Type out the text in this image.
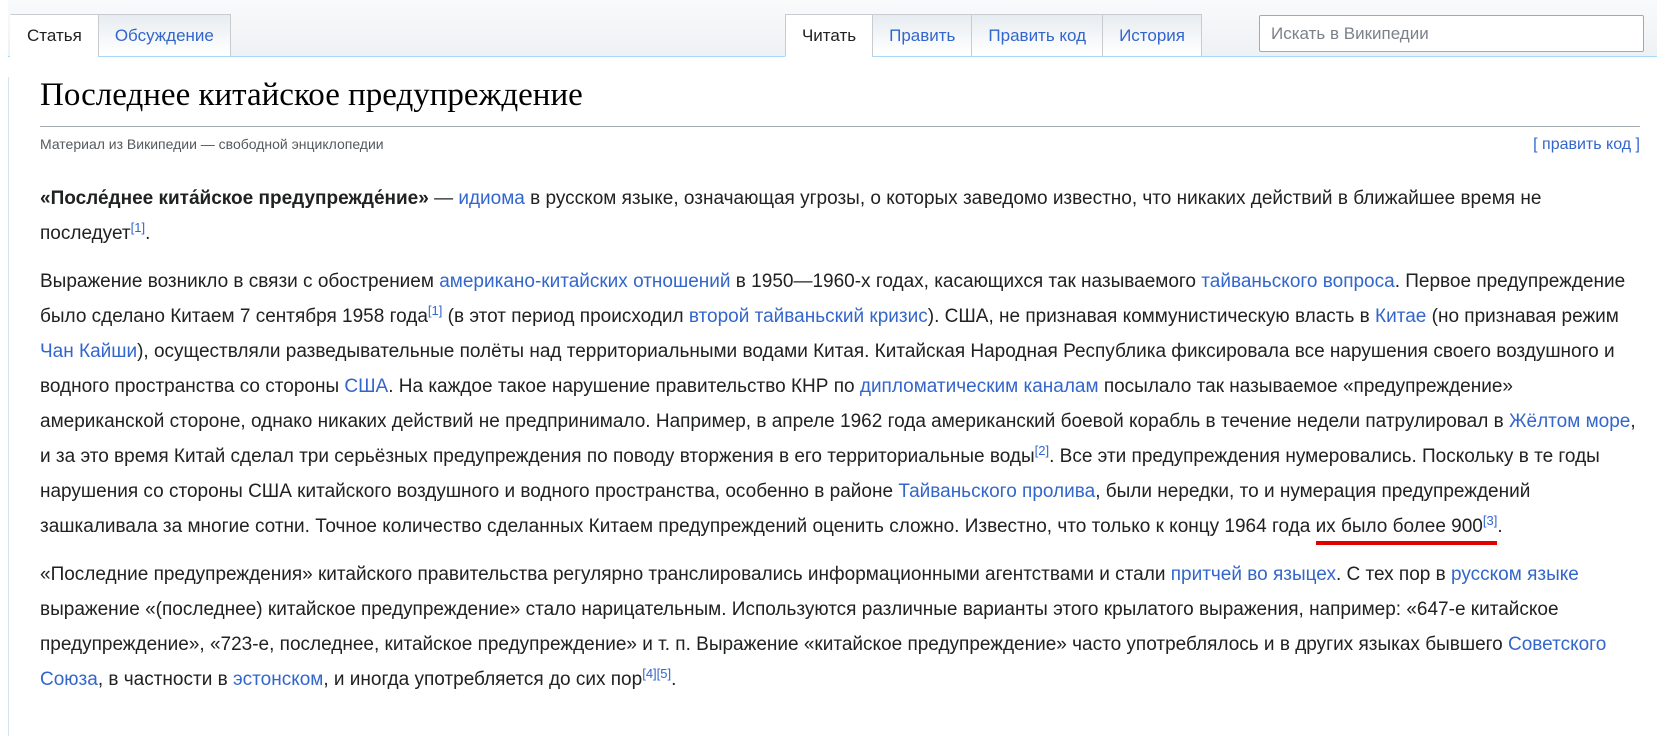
Статья Обсуждение	Читать Править Править код История
Искать в Википедии
Последнее китайское предупреждение
Материал из Википедии — свободной энциклопедии	[ править код ]

«После́днее кита́йское предупрежде́ние» — идиома в русском языке, означающая угрозы, о которых заведомо известно, что никаких действий в ближайшее время не последует[1].

Выражение возникло в связи с обострением американо-китайских отношений в 1950—1960-х годах, касающихся так называемого тайваньского вопроса. Первое предупреждение было сделано Китаем 7 сентября 1958 года[1] (в этот период происходил второй тайваньский кризис). США, не признавая коммунистическую власть в Китае (но признавая режим Чан Кайши), осуществляли разведывательные полёты над территориальными водами Китая. Китайская Народная Республика фиксировала все нарушения своего воздушного и водного пространства со стороны США. На каждое такое нарушение правительство КНР по дипломатическим каналам посылало так называемое «предупреждение» американской стороне, однако никаких действий не предпринимало. Например, в апреле 1962 года американский боевой корабль в течение недели патрулировал в Жёлтом море, и за это время Китай сделал три серьёзных предупреждения по поводу вторжения в его территориальные воды[2]. Все эти предупреждения нумеровались. Поскольку в те годы нарушения со стороны США китайского воздушного и водного пространства, особенно в районе Тайваньского пролива, были нередки, то и нумерация предупреждений зашкаливала за многие сотни. Точное количество сделанных Китаем предупреждений оценить сложно. Известно, что только к концу 1964 года их было более 900[3].

«Последние предупреждения» китайского правительства регулярно транслировались информационными агентствами и стали притчей во языцех. С тех пор в русском языке выражение «(последнее) китайское предупреждение» стало нарицательным. Используются различные варианты этого крылатого выражения, например: «647-е китайское предупреждение», «723-е, последнее, китайское предупреждение» и т. п. Выражение «китайское предупреждение» часто употреблялось и в других языках бывшего Советского Союза, в частности в эстонском, и иногда употребляется до сих пор[4][5].
